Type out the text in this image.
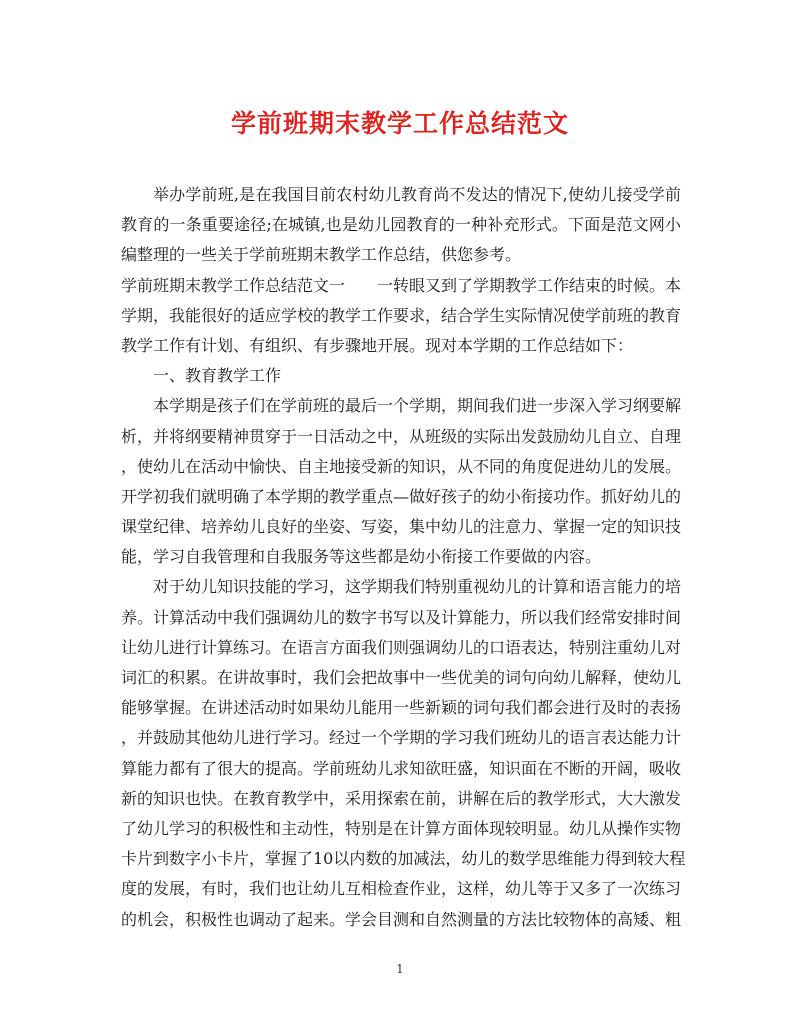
学前班期末教学工作总结范文
举办学前班,是在我国目前农村幼儿教育尚不发达的情况下,使幼儿接受学前
教育的一条重要途径;在城镇,也是幼儿园教育的一种补充形式。下面是范文网小
编整理的一些关于学前班期末教学工作总结，供您参考。
学前班期末教学工作总结范文一　　一转眼又到了学期教学工作结束的时候。本
学期，我能很好的适应学校的教学工作要求，结合学生实际情况使学前班的教育
教学工作有计划、有组织、有步骤地开展。现对本学期的工作总结如下：
一、教育教学工作
本学期是孩子们在学前班的最后一个学期，期间我们进一步深入学习纲要解
析，并将纲要精神贯穿于一日活动之中，从班级的实际出发鼓励幼儿自立、自理
，使幼儿在活动中愉快、自主地接受新的知识，从不同的角度促进幼儿的发展。
开学初我们就明确了本学期的教学重点—做好孩子的幼小衔接功作。抓好幼儿的
课堂纪律、培养幼儿良好的坐姿、写姿，集中幼儿的注意力、掌握一定的知识技
能，学习自我管理和自我服务等这些都是幼小衔接工作要做的内容。
对于幼儿知识技能的学习，这学期我们特别重视幼儿的计算和语言能力的培
养。计算活动中我们强调幼儿的数字书写以及计算能力，所以我们经常安排时间
让幼儿进行计算练习。在语言方面我们则强调幼儿的口语表达，特别注重幼儿对
词汇的积累。在讲故事时，我们会把故事中一些优美的词句向幼儿解释，使幼儿
能够掌握。在讲述活动时如果幼儿能用一些新颖的词句我们都会进行及时的表扬
，并鼓励其他幼儿进行学习。经过一个学期的学习我们班幼儿的语言表达能力计
算能力都有了很大的提高。学前班幼儿求知欲旺盛，知识面在不断的开阔，吸收
新的知识也快。在教育教学中，采用探索在前，讲解在后的教学形式，大大激发
了幼儿学习的积极性和主动性，特别是在计算方面体现较明显。幼儿从操作实物
卡片到数字小卡片，掌握了10以内数的加减法，幼儿的数学思维能力得到较大程
度的发展，有时，我们也让幼儿互相检查作业，这样，幼儿等于又多了一次练习
的机会，积极性也调动了起来。学会目测和自然测量的方法比较物体的高矮、粗
1
